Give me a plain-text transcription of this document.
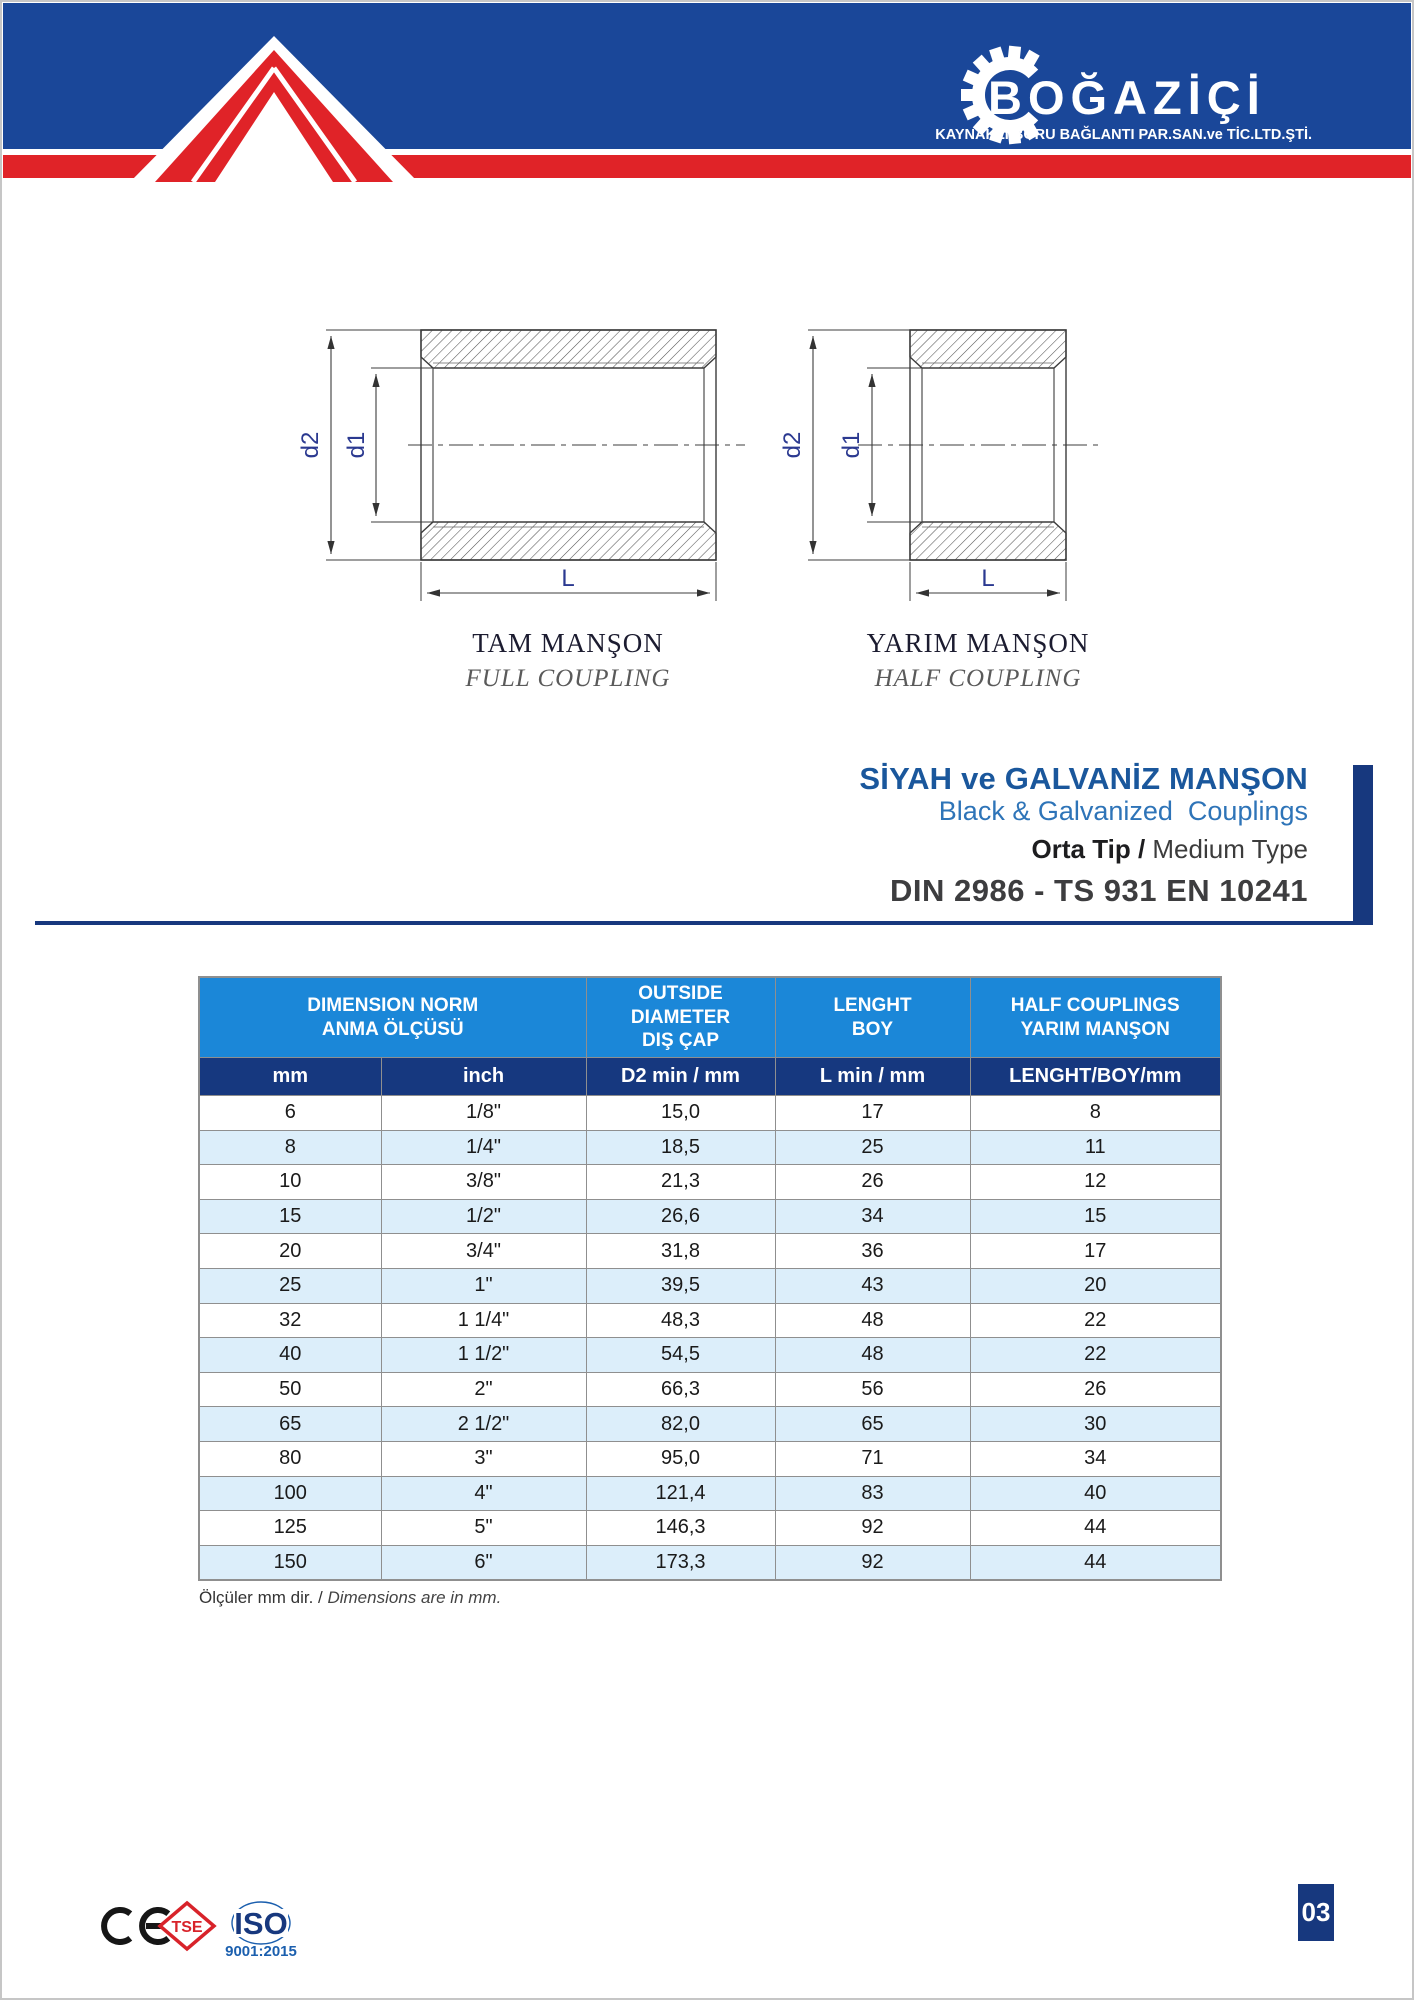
BOĞAZİÇİ
KAYNAKLI BORU BAĞLANTI PAR.SAN.ve TİC.LTD.ŞTİ.
d2 d1
L
TAM MANŞON
FULL COUPLING
d2 d1
L
YARIM MANŞON
HALF COUPLING
SİYAH ve GALVANİZ MANŞON
Black & Galvanized  Couplings
Orta Tip / Medium Type
DIN 2986 - TS 931 EN 10241
DIMENSION NORM
ANMA ÖLÇÜSÜ

OUTSIDE
DIAMETER
DIŞ ÇAP

LENGHT
BOY

HALF COUPLINGS
YARIM MANŞON

mm	inch	D2 min / mm	L min / mm	LENGHT/BOY/mm
6	1/8"	15,0	17	8
8	1/4"	18,5	25	11
10	3/8"	21,3	26	12
15	1/2"	26,6	34	15
20	3/4"	31,8	36	17
25	1"	39,5	43	20
32	1 1/4"	48,3	48	22
40	1 1/2"	54,5	48	22
50	2"	66,3	56	26
65	2 1/2"	82,0	65	30
80	3"	95,0	71	34
100	4"	121,4	83	40
125	5"	146,3	92	44
150	6"	173,3	92	44
Ölçüler mm dir. / Dimensions are in mm.
TSE ISO
9001:2015
03
